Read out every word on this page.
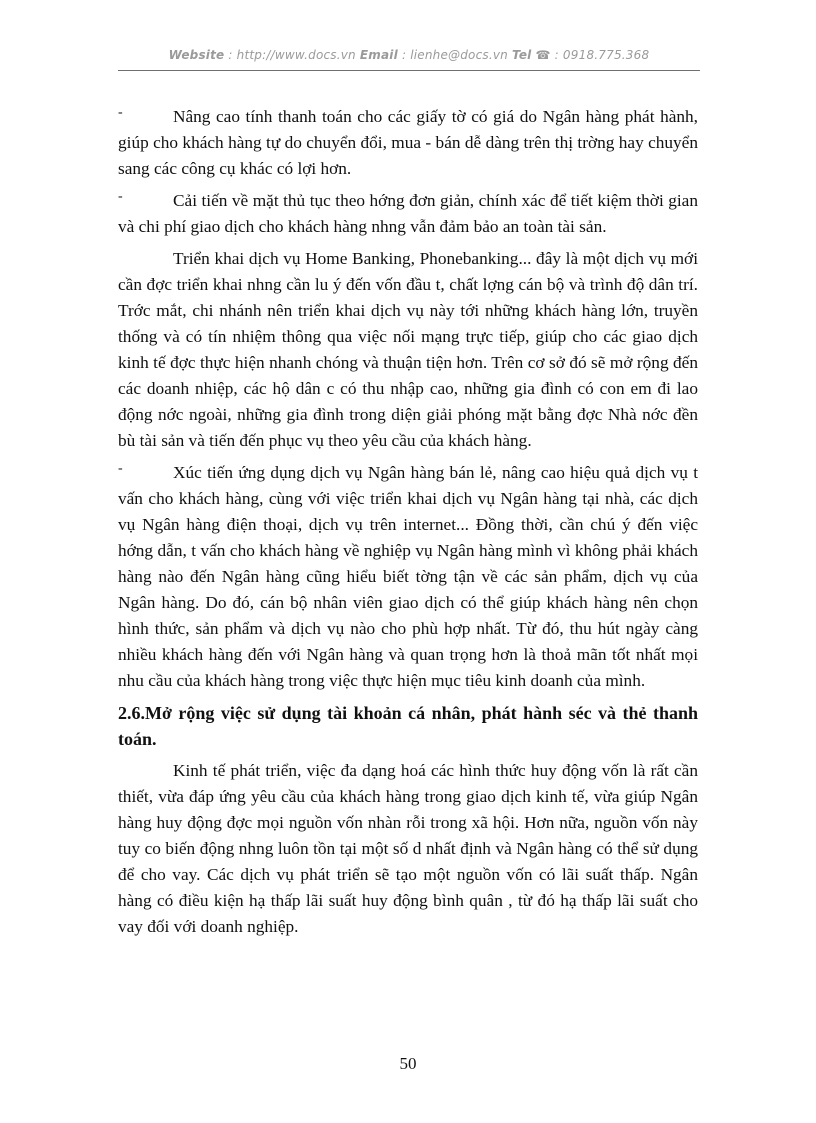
Website : http://www.docs.vn Email : lienhe@docs.vn Tel ☎ : 0918.775.368

-	Nâng cao tính thanh toán cho các giấy tờ có giá do Ngân hàng phát hành, giúp cho khách hàng tự do chuyển đổi, mua - bán dễ dàng trên thị trờng hay chuyển sang các công cụ khác có lợi hơn.

-	Cải tiến về mặt thủ tục theo hớng đơn giản, chính xác để tiết kiệm thời gian và chi phí giao dịch cho khách hàng nhng vẫn đảm bảo an toàn tài sản.

Triển khai dịch vụ Home Banking, Phonebanking... đây là một dịch vụ mới cần đợc triển khai nhng cần lu ý đến vốn đầu t, chất lợng cán bộ và trình độ dân trí. Trớc mắt, chi nhánh nên triển khai dịch vụ này tới những khách hàng lớn, truyền thống và có tín nhiệm thông qua việc nối mạng trực tiếp, giúp cho các giao dịch kinh tế đợc thực hiện nhanh chóng và thuận tiện hơn. Trên cơ sở đó sẽ mở rộng đến các doanh nhiệp, các hộ dân c có thu nhập cao, những gia đình có con em đi lao động nớc ngoài, những gia đình trong diện giải phóng mặt bằng đợc Nhà nớc đền bù tài sản và tiến đến phục vụ theo yêu cầu của khách hàng.

-	Xúc tiến ứng dụng dịch vụ Ngân hàng bán lẻ, nâng cao hiệu quả dịch vụ t vấn cho khách hàng, cùng với việc triển khai dịch vụ Ngân hàng tại nhà, các dịch vụ Ngân hàng điện thoại, dịch vụ trên internet... Đồng thời, cần chú ý đến việc hớng dẫn, t vấn cho khách hàng về nghiệp vụ Ngân hàng mình vì không phải khách hàng nào đến Ngân hàng cũng hiểu biết tờng tận về các sản phẩm, dịch vụ của Ngân hàng. Do đó, cán bộ nhân viên giao dịch có thể giúp khách hàng nên chọn hình thức, sản phẩm và dịch vụ nào cho phù hợp nhất. Từ đó, thu hút ngày càng nhiều khách hàng đến với Ngân hàng và quan trọng hơn là thoả mãn tốt nhất mọi nhu cầu của khách hàng trong việc thực hiện mục tiêu kinh doanh của mình.

2.6.Mở rộng việc sử dụng tài khoản cá nhân, phát hành séc và thẻ thanh toán.

Kinh tế phát triển, việc đa dạng hoá các hình thức huy động vốn là rất cần thiết, vừa đáp ứng yêu cầu của khách hàng trong giao dịch kinh tế, vừa giúp Ngân hàng huy động đợc mọi nguồn vốn nhàn rỗi trong xã hội. Hơn nữa, nguồn vốn này tuy co biến động nhng luôn tồn tại một số d nhất định và Ngân hàng có thể sử dụng để cho vay. Các dịch vụ phát triển sẽ tạo một nguồn vốn có lãi suất thấp. Ngân hàng có điều kiện hạ thấp lãi suất huy động bình quân , từ đó hạ thấp lãi suất cho vay đối với doanh nghiệp.

50
